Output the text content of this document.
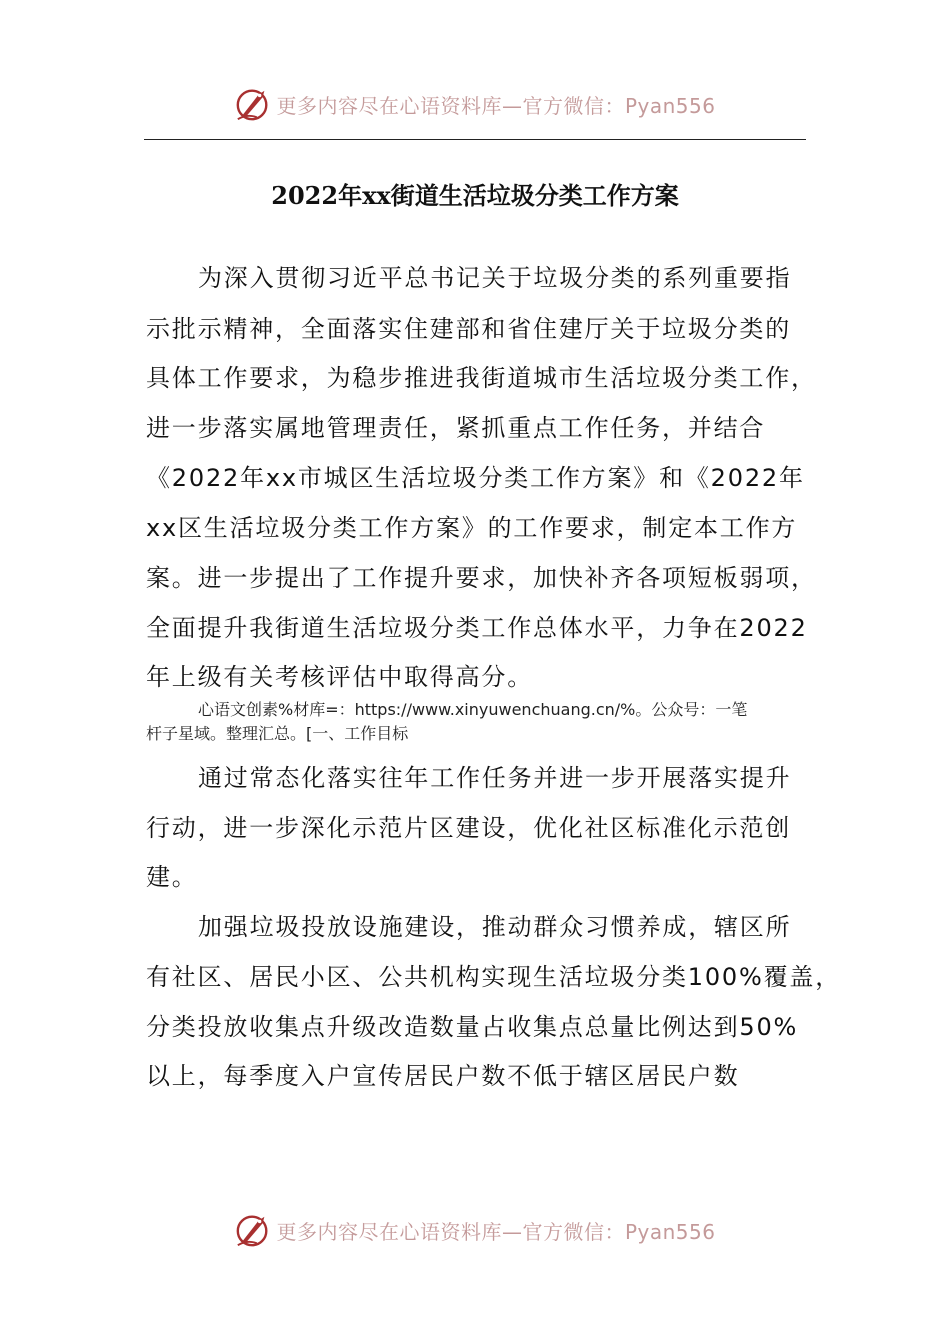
更多内容尽在心语资料库—官方微信：Pyan556
2022年xx街道生活垃圾分类工作方案
为深入贯彻习近平总书记关于垃圾分类的系列重要指
示批示精神，全面落实住建部和省住建厅关于垃圾分类的
具体工作要求，为稳步推进我街道城市生活垃圾分类工作，
进一步落实属地管理责任，紧抓重点工作任务，并结合
《2022年xx市城区生活垃圾分类工作方案》和《2022年
xx区生活垃圾分类工作方案》的工作要求，制定本工作方
案。进一步提出了工作提升要求，加快补齐各项短板弱项，
全面提升我街道生活垃圾分类工作总体水平，力争在2022
年上级有关考核评估中取得高分。
心语文创素%材库=：https://www.xinyuwenchuang.cn/%。公众号：一笔
杆子星域。整理汇总。[一、工作目标
通过常态化落实往年工作任务并进一步开展落实提升
行动，进一步深化示范片区建设，优化社区标准化示范创
建。
加强垃圾投放设施建设，推动群众习惯养成，辖区所
有社区、居民小区、公共机构实现生活垃圾分类100%覆盖，
分类投放收集点升级改造数量占收集点总量比例达到50%
以上，每季度入户宣传居民户数不低于辖区居民户数
更多内容尽在心语资料库—官方微信：Pyan556
